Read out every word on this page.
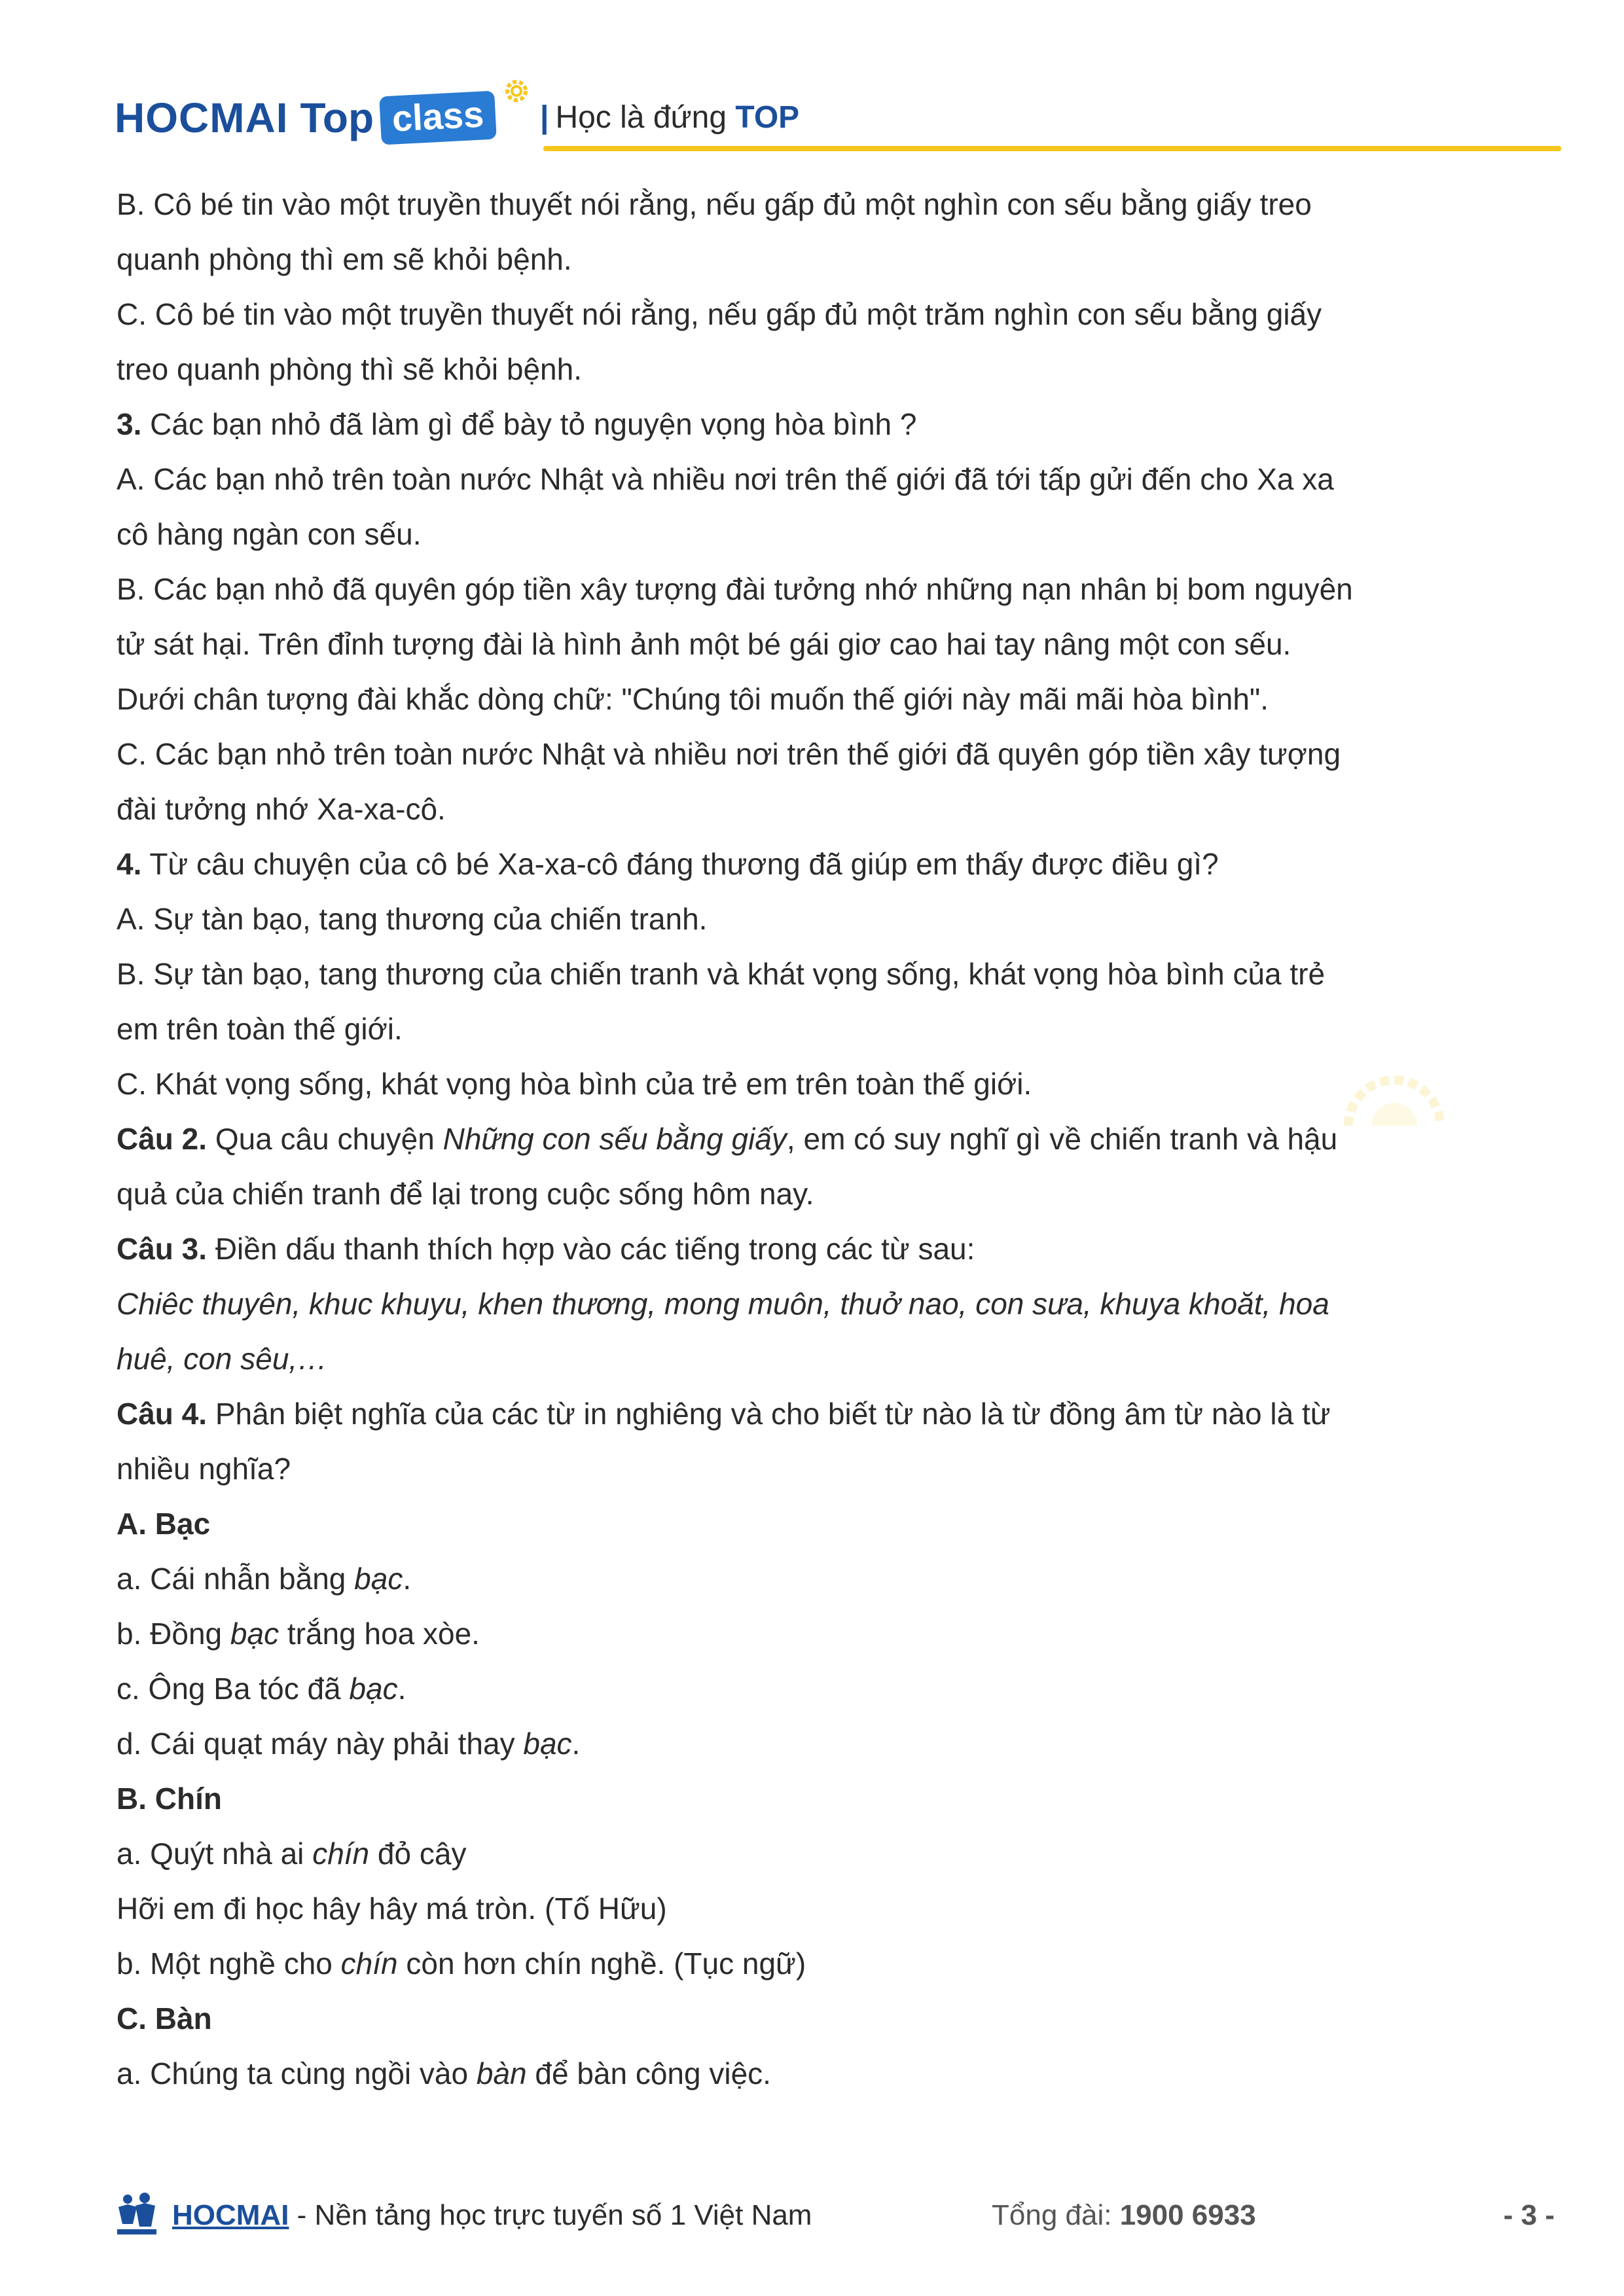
HOCMAI Top class	| Học là đứng TOP
B. Cô bé tin vào một truyền thuyết nói rằng, nếu gấp đủ một nghìn con sếu bằng giấy treo
quanh phòng thì em sẽ khỏi bệnh.
C. Cô bé tin vào một truyền thuyết nói rằng, nếu gấp đủ một trăm nghìn con sếu bằng giấy
treo quanh phòng thì sẽ khỏi bệnh.
3. Các bạn nhỏ đã làm gì để bày tỏ nguyện vọng hòa bình ?
A. Các bạn nhỏ trên toàn nước Nhật và nhiều nơi trên thế giới đã tới tấp gửi đến cho Xa xa
cô hàng ngàn con sếu.
B. Các bạn nhỏ đã quyên góp tiền xây tượng đài tưởng nhớ những nạn nhân bị bom nguyên
tử sát hại. Trên đỉnh tượng đài là hình ảnh một bé gái giơ cao hai tay nâng một con sếu.
Dưới chân tượng đài khắc dòng chữ: "Chúng tôi muốn thế giới này mãi mãi hòa bình".
C. Các bạn nhỏ trên toàn nước Nhật và nhiều nơi trên thế giới đã quyên góp tiền xây tượng
đài tưởng nhớ Xa-xa-cô.
4. Từ câu chuyện của cô bé Xa-xa-cô đáng thương đã giúp em thấy được điều gì?
A. Sự tàn bạo, tang thương của chiến tranh.
B. Sự tàn bạo, tang thương của chiến tranh và khát vọng sống, khát vọng hòa bình của trẻ
em trên toàn thế giới.
C. Khát vọng sống, khát vọng hòa bình của trẻ em trên toàn thế giới.
Câu 2. Qua câu chuyện Những con sếu bằng giấy, em có suy nghĩ gì về chiến tranh và hậu
quả của chiến tranh để lại trong cuộc sống hôm nay.
Câu 3. Điền dấu thanh thích hợp vào các tiếng trong các từ sau:
Chiêc thuyên, khuc khuyu, khen thương, mong muôn, thuở nao, con sưa, khuya khoăt, hoa
huê, con sêu,…
Câu 4. Phân biệt nghĩa của các từ in nghiêng và cho biết từ nào là từ đồng âm từ nào là từ
nhiều nghĩa?
A. Bạc
a. Cái nhẫn bằng bạc.
b. Đồng bạc trắng hoa xòe.
c. Ông Ba tóc đã bạc.
d. Cái quạt máy này phải thay bạc.
B. Chín
a. Quýt nhà ai chín đỏ cây
Hỡi em đi học hây hây má tròn. (Tố Hữu)
b. Một nghề cho chín còn hơn chín nghề. (Tục ngữ)
C. Bàn
a. Chúng ta cùng ngồi vào bàn để bàn công việc.
HOCMAI - Nền tảng học trực tuyến số 1 Việt Nam	Tổng đài: 1900 6933	- 3 -
